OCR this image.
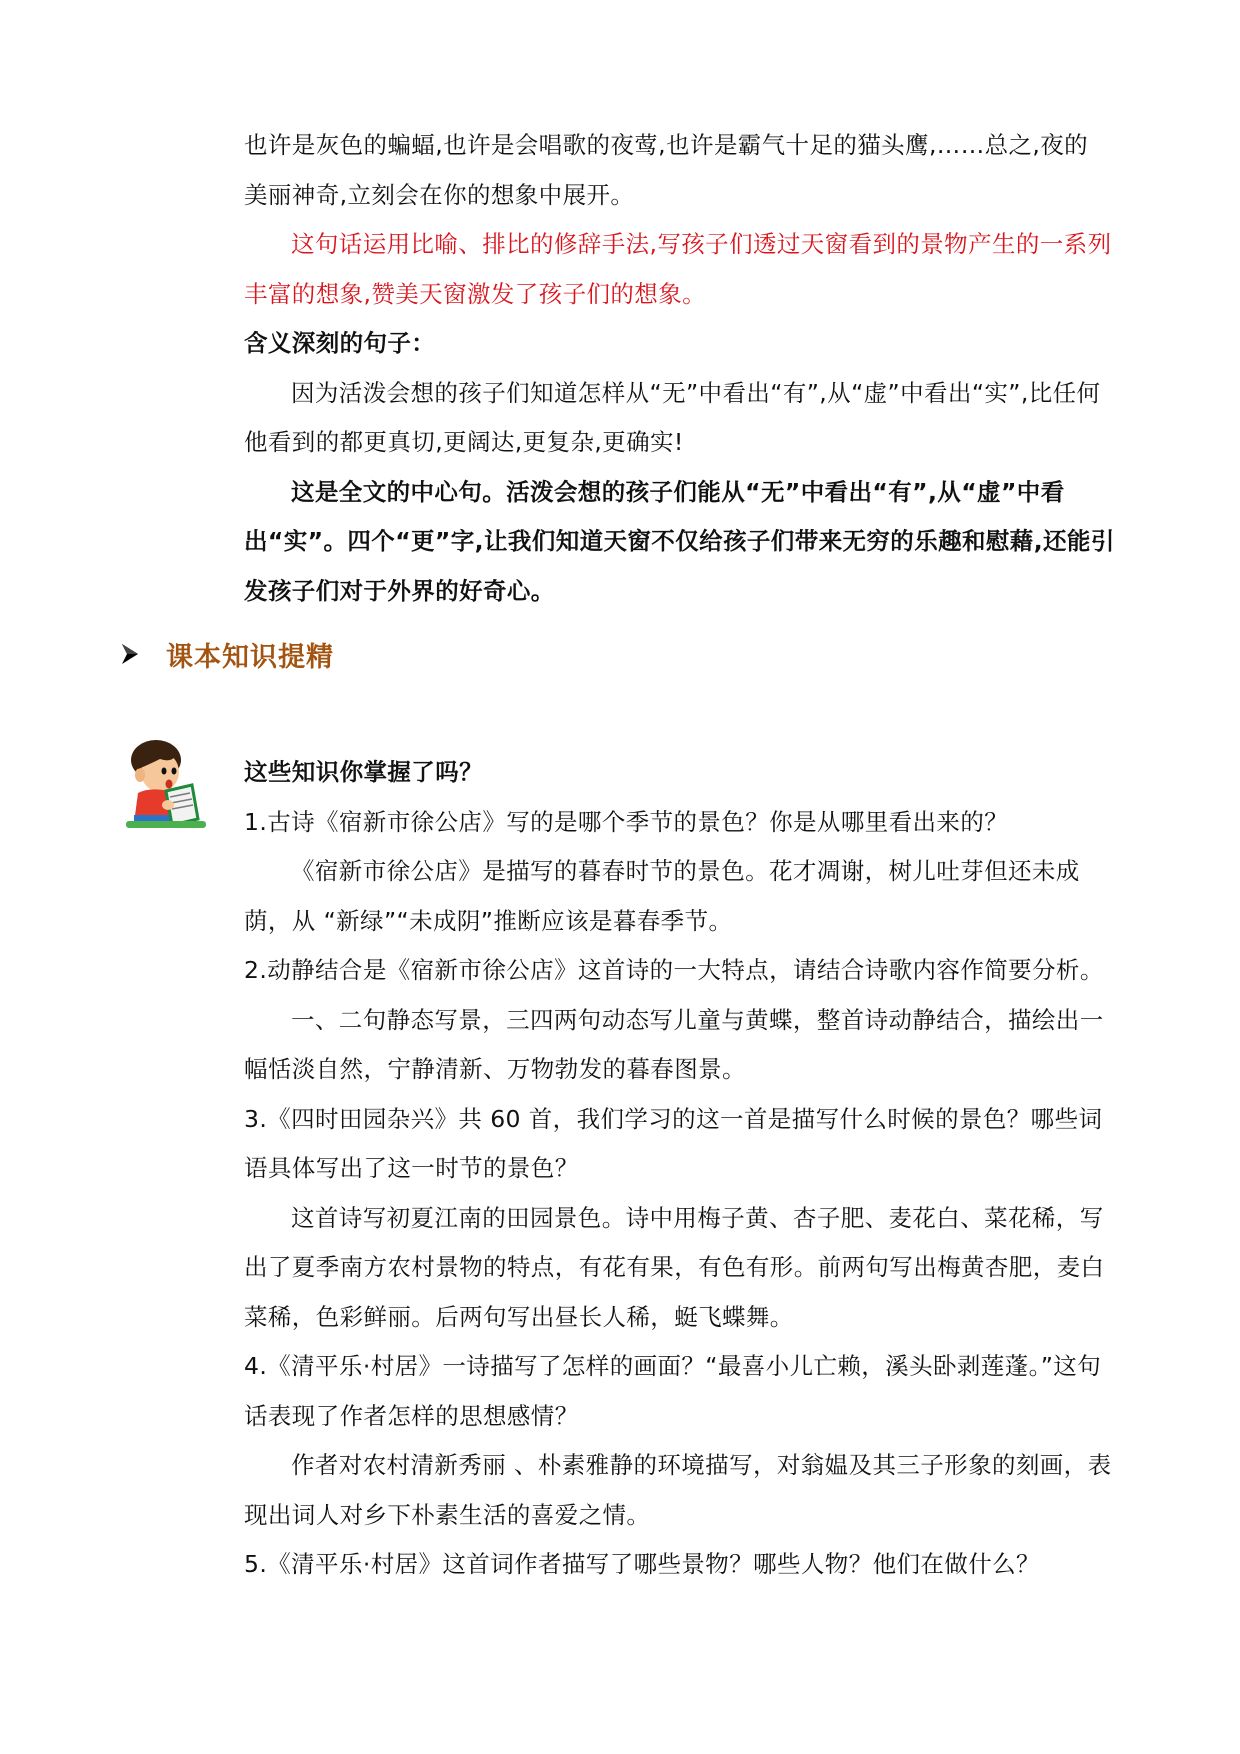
也许是灰色的蝙蝠,也许是会唱歌的夜莺,也许是霸气十足的猫头鹰,……总之,夜的

美丽神奇,立刻会在你的想象中展开。

这句话运用比喻、排比的修辞手法,写孩子们透过天窗看到的景物产生的一系列丰富的想象,赞美天窗激发了孩子们的想象。

含义深刻的句子：

因为活泼会想的孩子们知道怎样从“无”中看出“有”,从“虚”中看出“实”,比任何他看到的都更真切,更阔达,更复杂,更确实!

这是全文的中心句。活泼会想的孩子们能从“无”中看出“有”,从“虚”中看出“实”。四个“更”字,让我们知道天窗不仅给孩子们带来无穷的乐趣和慰藉,还能引发孩子们对于外界的好奇心。

课本知识提精

这些知识你掌握了吗？

1.古诗《宿新市徐公店》写的是哪个季节的景色？你是从哪里看出来的？

《宿新市徐公店》是描写的暮春时节的景色。花才凋谢，树儿吐芽但还未成荫，从 “新绿”“未成阴”推断应该是暮春季节。

2.动静结合是《宿新市徐公店》这首诗的一大特点，请结合诗歌内容作简要分析。

一、二句静态写景，三四两句动态写儿童与黄蝶，整首诗动静结合，描绘出一幅恬淡自然，宁静清新、万物勃发的暮春图景。

3.《四时田园杂兴》共 60 首，我们学习的这一首是描写什么时候的景色？哪些词语具体写出了这一时节的景色？

这首诗写初夏江南的田园景色。诗中用梅子黄、杏子肥、麦花白、菜花稀，写出了夏季南方农村景物的特点，有花有果，有色有形。前两句写出梅黄杏肥，麦白菜稀，色彩鲜丽。后两句写出昼长人稀，蜓飞蝶舞。

4.《清平乐·村居》一诗描写了怎样的画面？“最喜小儿亡赖，溪头卧剥莲蓬。”这句话表现了作者怎样的思想感情？

作者对农村清新秀丽 、朴素雅静的环境描写，对翁媪及其三子形象的刻画，表现出词人对乡下朴素生活的喜爱之情。

5.《清平乐·村居》这首词作者描写了哪些景物？哪些人物？他们在做什么？
